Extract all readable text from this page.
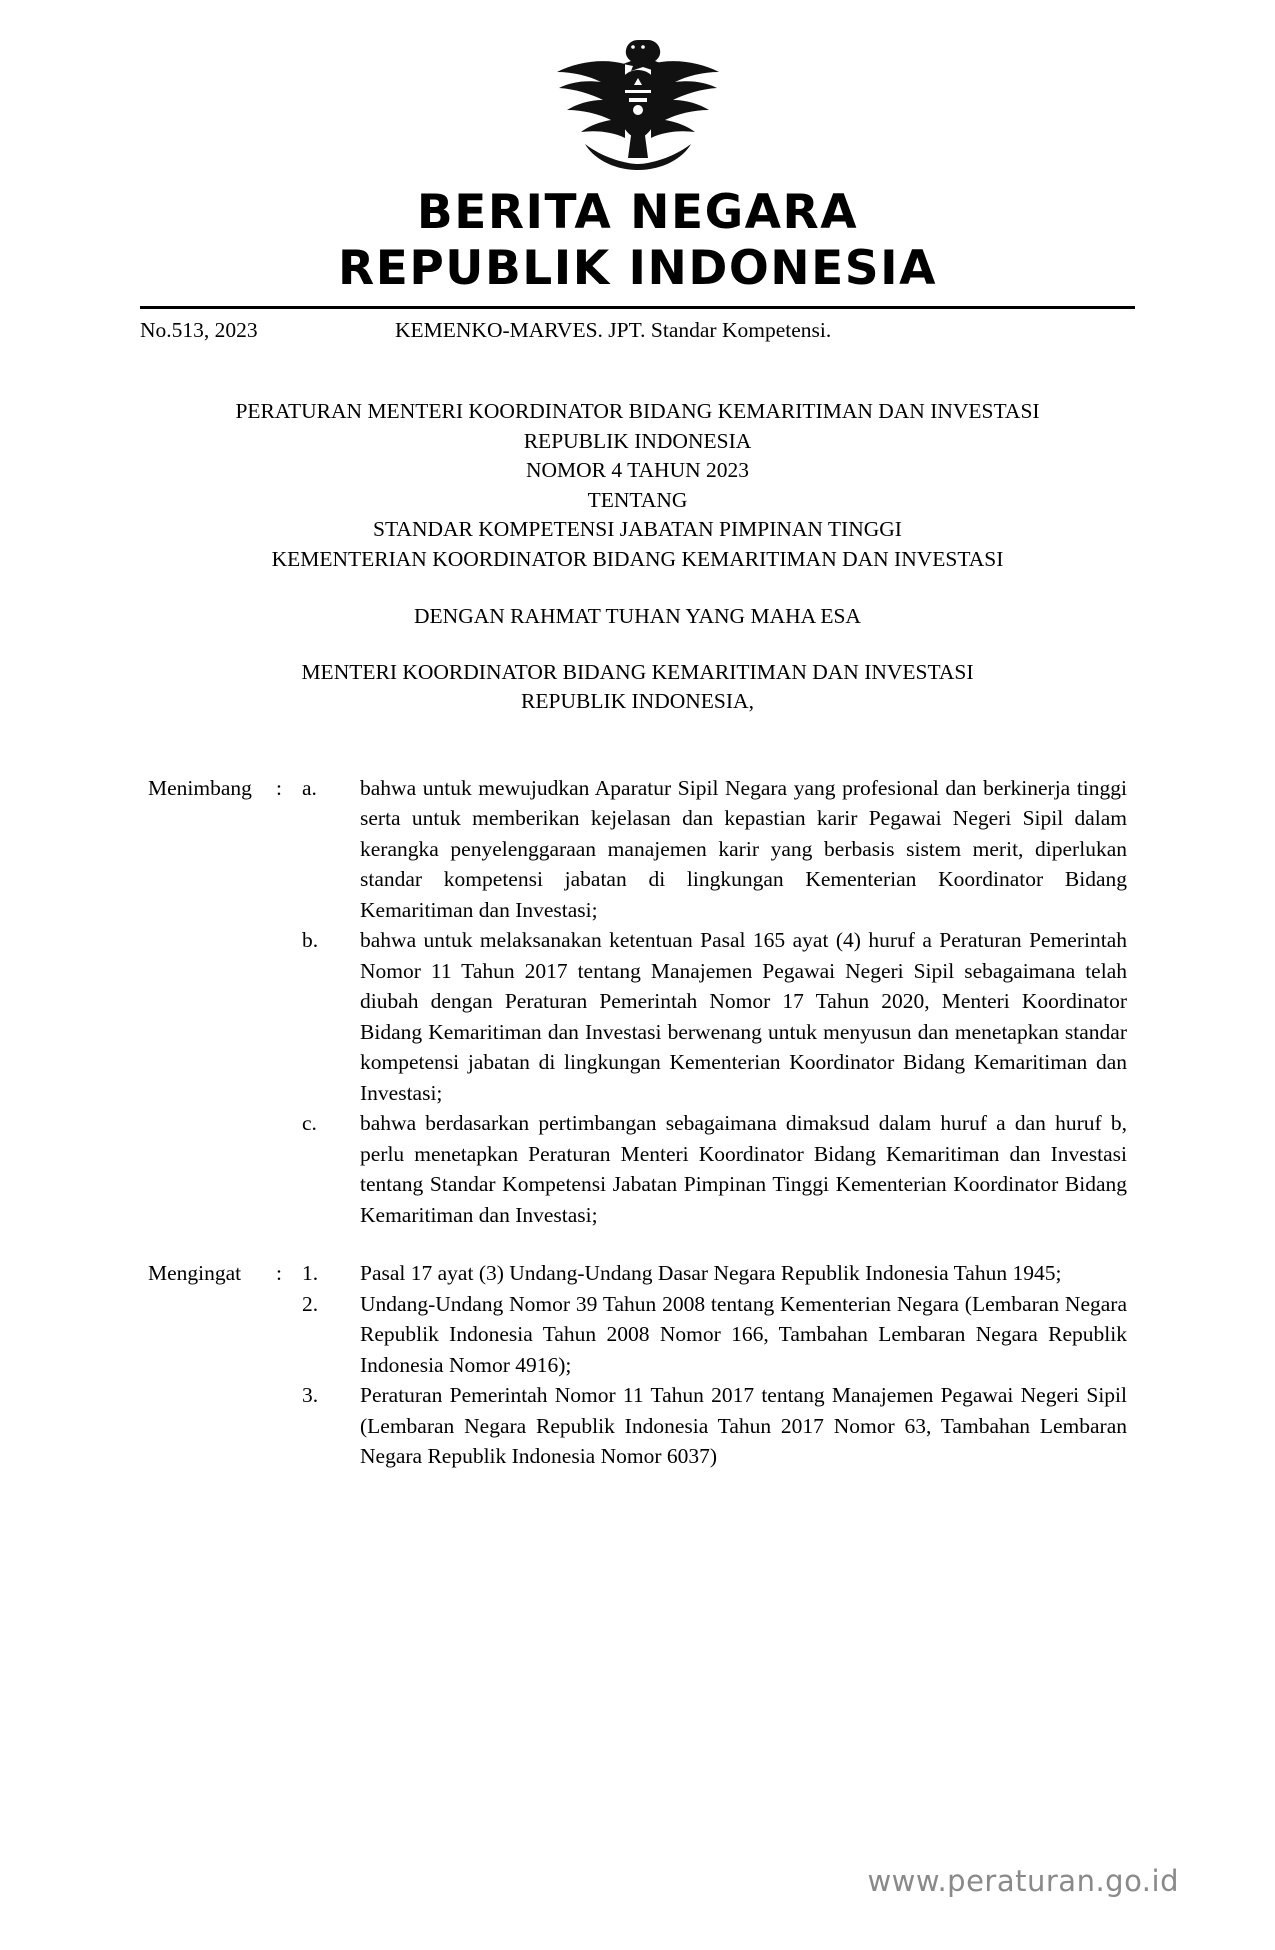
BERITA NEGARA
REPUBLIK INDONESIA
No.513, 2023	KEMENKO-MARVES. JPT. Standar Kompetensi.
PERATURAN MENTERI KOORDINATOR BIDANG KEMARITIMAN DAN INVESTASI
REPUBLIK INDONESIA
NOMOR 4 TAHUN 2023
TENTANG
STANDAR KOMPETENSI JABATAN PIMPINAN TINGGI
KEMENTERIAN KOORDINATOR BIDANG KEMARITIMAN DAN INVESTASI
DENGAN RAHMAT TUHAN YANG MAHA ESA
MENTERI KOORDINATOR BIDANG KEMARITIMAN DAN INVESTASI
REPUBLIK INDONESIA,
Menimbang	: a.	bahwa untuk mewujudkan Aparatur Sipil Negara yang profesional dan berkinerja tinggi serta untuk memberikan kejelasan dan kepastian karir Pegawai Negeri Sipil dalam kerangka penyelenggaraan manajemen karir yang berbasis sistem merit, diperlukan standar kompetensi jabatan di lingkungan Kementerian Koordinator Bidang Kemaritiman dan Investasi;
b.	bahwa untuk melaksanakan ketentuan Pasal 165 ayat (4) huruf a Peraturan Pemerintah Nomor 11 Tahun 2017 tentang Manajemen Pegawai Negeri Sipil sebagaimana telah diubah dengan Peraturan Pemerintah Nomor 17 Tahun 2020, Menteri Koordinator Bidang Kemaritiman dan Investasi berwenang untuk menyusun dan menetapkan standar kompetensi jabatan di lingkungan Kementerian Koordinator Bidang Kemaritiman dan Investasi;
c.	bahwa berdasarkan pertimbangan sebagaimana dimaksud dalam huruf a dan huruf b, perlu menetapkan Peraturan Menteri Koordinator Bidang Kemaritiman dan Investasi tentang Standar Kompetensi Jabatan Pimpinan Tinggi Kementerian Koordinator Bidang Kemaritiman dan Investasi;
Mengingat	: 1.	Pasal 17 ayat (3) Undang-Undang Dasar Negara Republik Indonesia Tahun 1945;
2.	Undang-Undang Nomor 39 Tahun 2008 tentang Kementerian Negara (Lembaran Negara Republik Indonesia Tahun 2008 Nomor 166, Tambahan Lembaran Negara Republik Indonesia Nomor 4916);
3.	Peraturan Pemerintah Nomor 11 Tahun 2017 tentang Manajemen Pegawai Negeri Sipil (Lembaran Negara Republik Indonesia Tahun 2017 Nomor 63, Tambahan Lembaran Negara Republik Indonesia Nomor 6037)
www.peraturan.go.id
